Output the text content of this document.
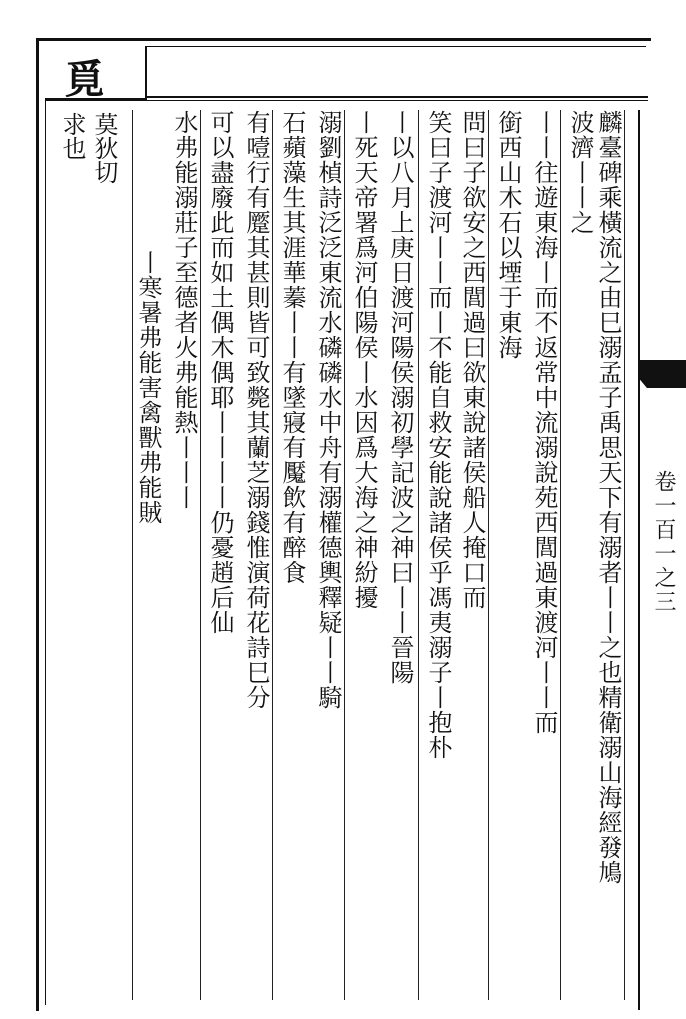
卷一百一之三
覓
莫狄切
求也	麟臺碑乘橫流之由巳溺孟子禹思天下有溺者丨丨之也精衛溺山海經發鳩
波濟丨丨之
丨丨往遊東海丨而不返常中流溺說苑西閭過東渡河丨丨而
銜西山木石以堙于東海
問曰子欲安之西閭過曰欲東說諸侯船人掩口而
笑曰子渡河丨丨而丨不能自救安能說諸侯乎馮夷溺子丨抱朴
丨以八月上庚日渡河陽侯溺初學記波之神曰丨丨晉陽
丨死天帝署爲河伯陽侯丨水因爲大海之神紛擾
溺劉楨詩泛泛東流水磷磷水中舟有溺權德輿釋疑丨丨騎
石蘋藻生其涯華蓁丨丨有墜寢有魘飲有醉食
有噎行有蹷其甚則皆可致斃其蘭芝溺錢惟演荷花詩巳分
可以盡廢此而如土偶木偶耶丨丨丨丨仍憂趙后仙
水弗能溺莊子至德者火弗能熱丨丨丨
丨寒暑弗能害禽獸弗能賊
